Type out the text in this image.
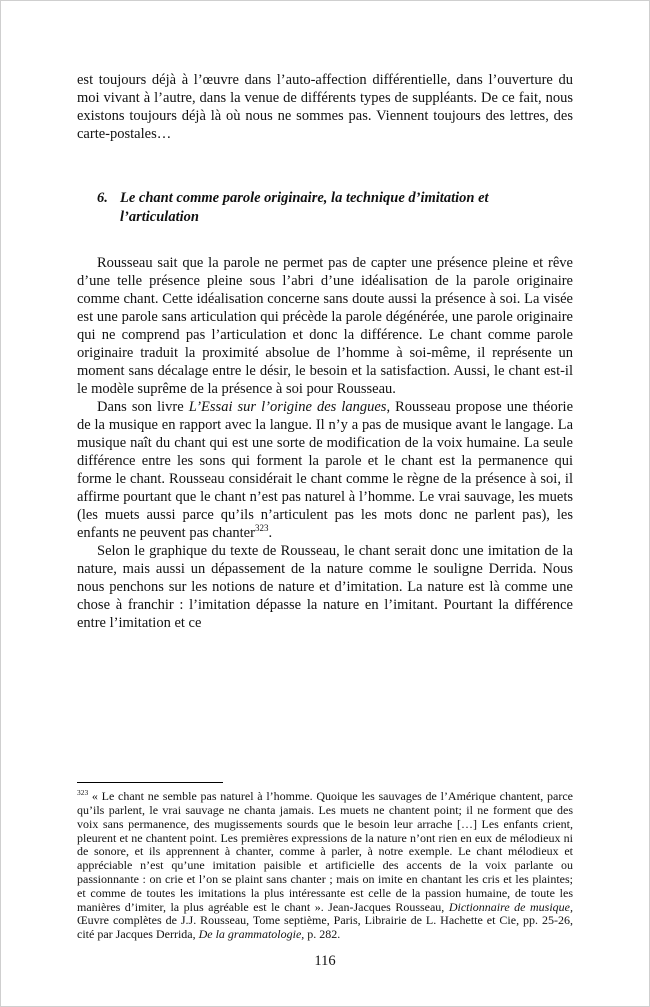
est toujours déjà à l’œuvre dans l’auto-affection différentielle, dans l’ouverture du moi vivant à l’autre, dans la venue de différents types de suppléants. De ce fait, nous existons toujours déjà là où nous ne sommes pas. Viennent toujours des lettres, des carte-postales…

6. Le chant comme parole originaire, la technique d’imitation et l’articulation

Rousseau sait que la parole ne permet pas de capter une présence pleine et rêve d’une telle présence pleine sous l’abri d’une idéalisation de la parole originaire comme chant. Cette idéalisation concerne sans doute aussi la présence à soi. La visée est une parole sans articulation qui précède la parole dégénérée, une parole originaire qui ne comprend pas l’articulation et donc la différence. Le chant comme parole originaire traduit la proximité absolue de l’homme à soi-même, il représente un moment sans décalage entre le désir, le besoin et la satisfaction. Aussi, le chant est-il le modèle suprême de la présence à soi pour Rousseau.

Dans son livre L’Essai sur l’origine des langues, Rousseau propose une théorie de la musique en rapport avec la langue. Il n’y a pas de musique avant le langage. La musique naît du chant qui est une sorte de modification de la voix humaine. La seule différence entre les sons qui forment la parole et le chant est la permanence qui forme le chant. Rousseau considérait le chant comme le règne de la présence à soi, il affirme pourtant que le chant n’est pas naturel à l’homme. Le vrai sauvage, les muets (les muets aussi parce qu’ils n’articulent pas les mots donc ne parlent pas), les enfants ne peuvent pas chanter$^{323}$.

Selon le graphique du texte de Rousseau, le chant serait donc une imitation de la nature, mais aussi un dépassement de la nature comme le souligne Derrida. Nous nous penchons sur les notions de nature et d’imitation. La nature est là comme une chose à franchir : l’imitation dépasse la nature en l’imitant. Pourtant la différence entre l’imitation et ce

$^{323}$ « Le chant ne semble pas naturel à l’homme. Quoique les sauvages de l’Amérique chantent, parce qu’ils parlent, le vrai sauvage ne chanta jamais. Les muets ne chantent point; il ne forment que des voix sans permanence, des mugissements sourds que le besoin leur arrache […] Les enfants crient, pleurent et ne chantent point. Les premières expressions de la nature n’ont rien en eux de mélodieux ni de sonore, et ils apprennent à chanter, comme à parler, à notre exemple. Le chant mélodieux et appréciable n’est qu’une imitation paisible et artificielle des accents de la voix parlante ou passionnante : on crie et l’on se plaint sans chanter ; mais on imite en chantant les cris et les plaintes; et comme de toutes les imitations la plus intéressante est celle de la passion humaine, de toute les manières d’imiter, la plus agréable est le chant ». Jean-Jacques Rousseau, Dictionnaire de musique, Œuvre complètes de J.J. Rousseau, Tome septième, Paris, Librairie de L. Hachette et Cie, pp. 25-26, cité par Jacques Derrida, De la grammatologie, p. 282.

116
